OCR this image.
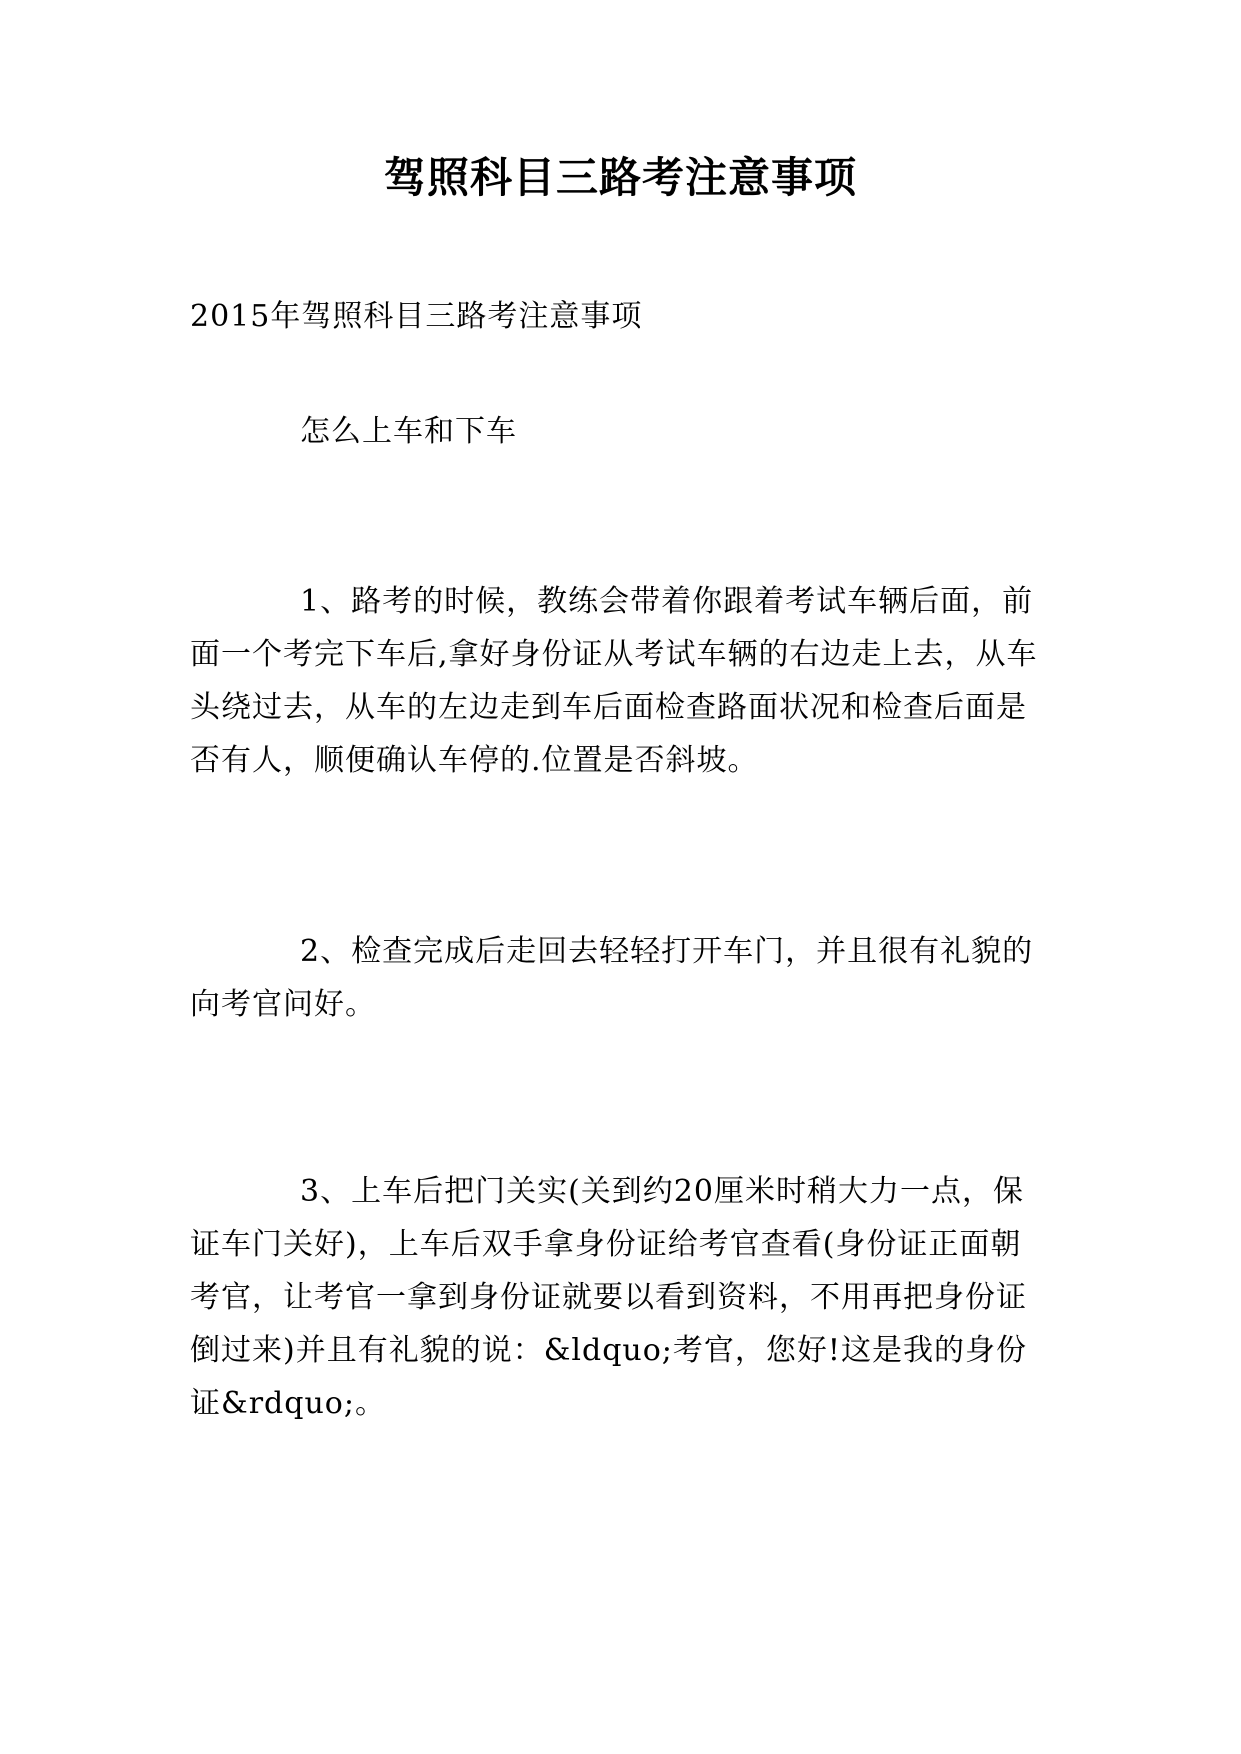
驾照科目三路考注意事项
2015年驾照科目三路考注意事项
怎么上车和下车
1、路考的时候，教练会带着你跟着考试车辆后面，前面一个考完下车后,拿好身份证从考试车辆的右边走上去，从车头绕过去，从车的左边走到车后面检查路面状况和检查后面是否有人，顺便确认车停的.位置是否斜坡。
2、检查完成后走回去轻轻打开车门，并且很有礼貌的向考官问好。
3、上车后把门关实(关到约20厘米时稍大力一点，保证车门关好)，上车后双手拿身份证给考官查看(身份证正面朝考官，让考官一拿到身份证就要以看到资料，不用再把身份证倒过来)并且有礼貌的说：&ldquo;考官，您好!这是我的身份证&rdquo;。
